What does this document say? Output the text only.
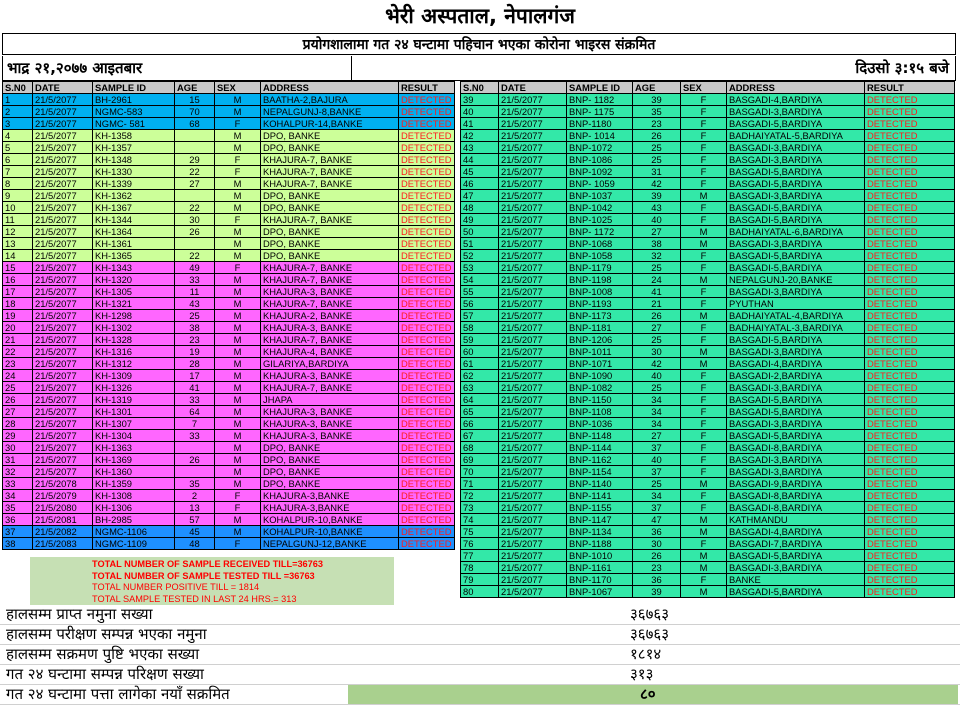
भेरी अस्पताल, नेपालगंज
प्रयोगशालामा गत २४ घन्टामा पहिचान भएका कोरोना भाइरस संक्रमित
भाद्र २१,२०७७ आइतबार	दिउसो ३:१५ बजे
S.N0	DATE	SAMPLE ID	AGE	SEX	ADDRESS	RESULT
1	21/5/2077	BH-2961	15	M	BAATHA-2,BAJURA	DETECTED
2	21/5/2077	NGMC-583	70	M	NEPALGUNJ-8,BANKE	DETECTED
3	21/5/2077	NGMC- 581	68	F	KOHALPUR-14,BANKE	DETECTED
4	21/5/2077	KH-1358		M	DPO, BANKE	DETECTED
5	21/5/2077	KH-1357		M	DPO, BANKE	DETECTED
6	21/5/2077	KH-1348	29	F	KHAJURA-7, BANKE	DETECTED
7	21/5/2077	KH-1330	22	F	KHAJURA-7, BANKE	DETECTED
8	21/5/2077	KH-1339	27	M	KHAJURA-7, BANKE	DETECTED
9	21/5/2077	KH-1362		M	DPO, BANKE	DETECTED
10	21/5/2077	KH-1367	22	M	DPO, BANKE	DETECTED
11	21/5/2077	KH-1344	30	F	KHAJURA-7, BANKE	DETECTED
12	21/5/2077	KH-1364	26	M	DPO, BANKE	DETECTED
13	21/5/2077	KH-1361		M	DPO, BANKE	DETECTED
14	21/5/2077	KH-1365	22	M	DPO, BANKE	DETECTED
15	21/5/2077	KH-1343	49	F	KHAJURA-7, BANKE	DETECTED
16	21/5/2077	KH-1320	33	M	KHAJURA-7, BANKE	DETECTED
17	21/5/2077	KH-1305	11	M	KHAJURA-3, BANKE	DETECTED
18	21/5/2077	KH-1321	43	M	KHAJURA-7, BANKE	DETECTED
19	21/5/2077	KH-1298	25	M	KHAJURA-2, BANKE	DETECTED
20	21/5/2077	KH-1302	38	M	KHAJURA-3, BANKE	DETECTED
21	21/5/2077	KH-1328	23	M	KHAJURA-7, BANKE	DETECTED
22	21/5/2077	KH-1316	19	M	KHAJURA-4, BANKE	DETECTED
23	21/5/2077	KH-1312	28	M	GILARIYA,BARDIYA	DETECTED
24	21/5/2077	KH-1309	17	M	KHAJURA-3, BANKE	DETECTED
25	21/5/2077	KH-1326	41	M	KHAJURA-7, BANKE	DETECTED
26	21/5/2077	KH-1319	33	M	JHAPA	DETECTED
27	21/5/2077	KH-1301	64	M	KHAJURA-3, BANKE	DETECTED
28	21/5/2077	KH-1307	7	M	KHAJURA-3, BANKE	DETECTED
29	21/5/2077	KH-1304	33	M	KHAJURA-3, BANKE	DETECTED
30	21/5/2077	KH-1363		M	DPO, BANKE	DETECTED
31	21/5/2077	KH-1369	26	M	DPO, BANKE	DETECTED
32	21/5/2077	KH-1360		M	DPO, BANKE	DETECTED
33	21/5/2078	KH-1359	35	M	DPO, BANKE	DETECTED
34	21/5/2079	KH-1308	2	F	KHAJURA-3,BANKE	DETECTED
35	21/5/2080	KH-1306	13	F	KHAJURA-3,BANKE	DETECTED
36	21/5/2081	BH-2985	57	M	KOHALPUR-10,BANKE	DETECTED
37	21/5/2082	NGMC-1106	45	M	KOHALPUR-10,BANKE	DETECTED
38	21/5/2083	NGMC-1109	48	F	NEPALGUNJ-12,BANKE	DETECTED
S.N0	DATE	SAMPLE ID	AGE	SEX	ADDRESS	RESULT
39	21/5/2077	BNP- 1182	39	F	BASGADI-4,BARDIYA	DETECTED
40	21/5/2077	BNP- 1175	35	F	BASGADI-3,BARDIYA	DETECTED
41	21/5/2077	BNP-1180	23	F	BASGADI-5,BARDIYA	DETECTED
42	21/5/2077	BNP- 1014	26	F	BADHAIYATAL-5,BARDIYA	DETECTED
43	21/5/2077	BNP-1072	25	F	BASGADI-3,BARDIYA	DETECTED
44	21/5/2077	BNP-1086	25	F	BASGADI-3,BARDIYA	DETECTED
45	21/5/2077	BNP-1092	31	F	BASGADI-5,BARDIYA	DETECTED
46	21/5/2077	BNP- 1059	42	F	BASGADI-5,BARDIYA	DETECTED
47	21/5/2077	BNP-1037	39	M	BASGADI-3,BARDIYA	DETECTED
48	21/5/2077	BNP-1042	43	F	BASGADI-5,BARDIYA	DETECTED
49	21/5/2077	BNP-1025	40	F	BASGADI-5,BARDIYA	DETECTED
50	21/5/2077	BNP- 1172	27	M	BADHAIYATAL-6,BARDIYA	DETECTED
51	21/5/2077	BNP-1068	38	M	BASGADI-3,BARDIYA	DETECTED
52	21/5/2077	BNP-1058	32	F	BASGADI-5,BARDIYA	DETECTED
53	21/5/2077	BNP-1179	25	F	BASGADI-5,BARDIYA	DETECTED
54	21/5/2077	BNP-1198	24	M	NEPALGUNJ-20,BANKE	DETECTED
55	21/5/2077	BNP-1008	41	F	BASGADI-3,BARDIYA	DETECTED
56	21/5/2077	BNP-1193	21	F	PYUTHAN	DETECTED
57	21/5/2077	BNP-1173	26	M	BADHAIYATAL-4,BARDIYA	DETECTED
58	21/5/2077	BNP-1181	27	F	BADHAIYATAL-3,BARDIYA	DETECTED
59	21/5/2077	BNP-1206	25	F	BASGADI-5,BARDIYA	DETECTED
60	21/5/2077	BNP-1011	30	M	BASGADI-3,BARDIYA	DETECTED
61	21/5/2077	BNP-1071	42	M	BASGADI-4,BARDIYA	DETECTED
62	21/5/2077	BNP-1090	40	F	BASGADI-2,BARDIYA	DETECTED
63	21/5/2077	BNP-1082	25	F	BASGADI-3,BARDIYA	DETECTED
64	21/5/2077	BNP-1150	34	F	BASGADI-5,BARDIYA	DETECTED
65	21/5/2077	BNP-1108	34	F	BASGADI-5,BARDIYA	DETECTED
66	21/5/2077	BNP-1036	34	F	BASGADI-3,BARDIYA	DETECTED
67	21/5/2077	BNP-1148	27	F	BASGADI-5,BARDIYA	DETECTED
68	21/5/2077	BNP-1144	37	F	BASGADI-8,BARDIYA	DETECTED
69	21/5/2077	BNP-1162	40	F	BASGADI-3,BARDIYA	DETECTED
70	21/5/2077	BNP-1154	37	F	BASGADI-3,BARDIYA	DETECTED
71	21/5/2077	BNP-1140	25	M	BASGADI-9,BARDIYA	DETECTED
72	21/5/2077	BNP-1141	34	F	BASGADI-8,BARDIYA	DETECTED
73	21/5/2077	BNP-1155	37	F	BASGADI-8,BARDIYA	DETECTED
74	21/5/2077	BNP-1147	47	M	KATHMANDU	DETECTED
75	21/5/2077	BNP-1134	36	M	BASGADI-4,BARDIYA	DETECTED
76	21/5/2077	BNP-1188	30	F	BASGADI-7,BARDIYA	DETECTED
77	21/5/2077	BNP-1010	26	M	BASGADI-5,BARDIYA	DETECTED
78	21/5/2077	BNP-1161	23	M	BASGADI-3,BARDIYA	DETECTED
79	21/5/2077	BNP-1170	36	F	BANKE	DETECTED
80	21/5/2077	BNP-1067	39	M	BASGADI-5,BARDIYA	DETECTED
TOTAL NUMBER OF SAMPLE RECEIVED TILL=36763
TOTAL NUMBER OF SAMPLE TESTED TILL =36763
TOTAL NUMBER POSITIVE TILL = 1814
TOTAL SAMPLE TESTED IN LAST 24 HRS.= 313
हालसम्म प्राप्त नमुना सख्या	३६७६३
हालसम्म परीक्षण सम्पन्न भएका नमुना	३६७६३
हालसम्म सक्रमण पुष्टि भएका सख्या	१८१४
गत २४ घन्टामा सम्पन्न परिक्षण सख्या	३१३
गत २४ घन्टामा पत्ता लागेका नयाँ सक्रमित	८०
